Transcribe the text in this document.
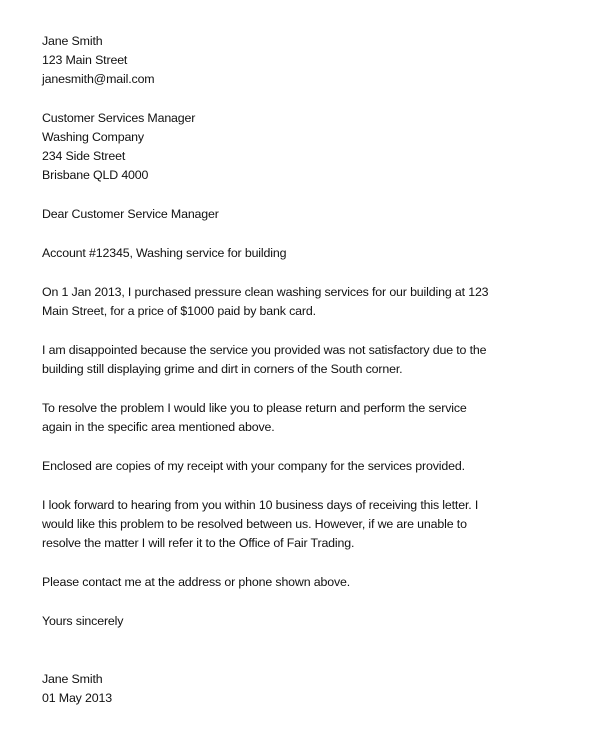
Jane Smith
123 Main Street
janesmith@mail.com
Customer Services Manager
Washing Company
234 Side Street
Brisbane QLD 4000
Dear Customer Service Manager
Account #12345, Washing service for building
On 1 Jan 2013, I purchased pressure clean washing services for our building at 123
Main Street, for a price of $1000 paid by bank card.
I am disappointed because the service you provided was not satisfactory due to the
building still displaying grime and dirt in corners of the South corner.
To resolve the problem I would like you to please return and perform the service
again in the specific area mentioned above.
Enclosed are copies of my receipt with your company for the services provided.
I look forward to hearing from you within 10 business days of receiving this letter. I
would like this problem to be resolved between us. However, if we are unable to
resolve the matter I will refer it to the Office of Fair Trading.
Please contact me at the address or phone shown above.
Yours sincerely
Jane Smith
01 May 2013
